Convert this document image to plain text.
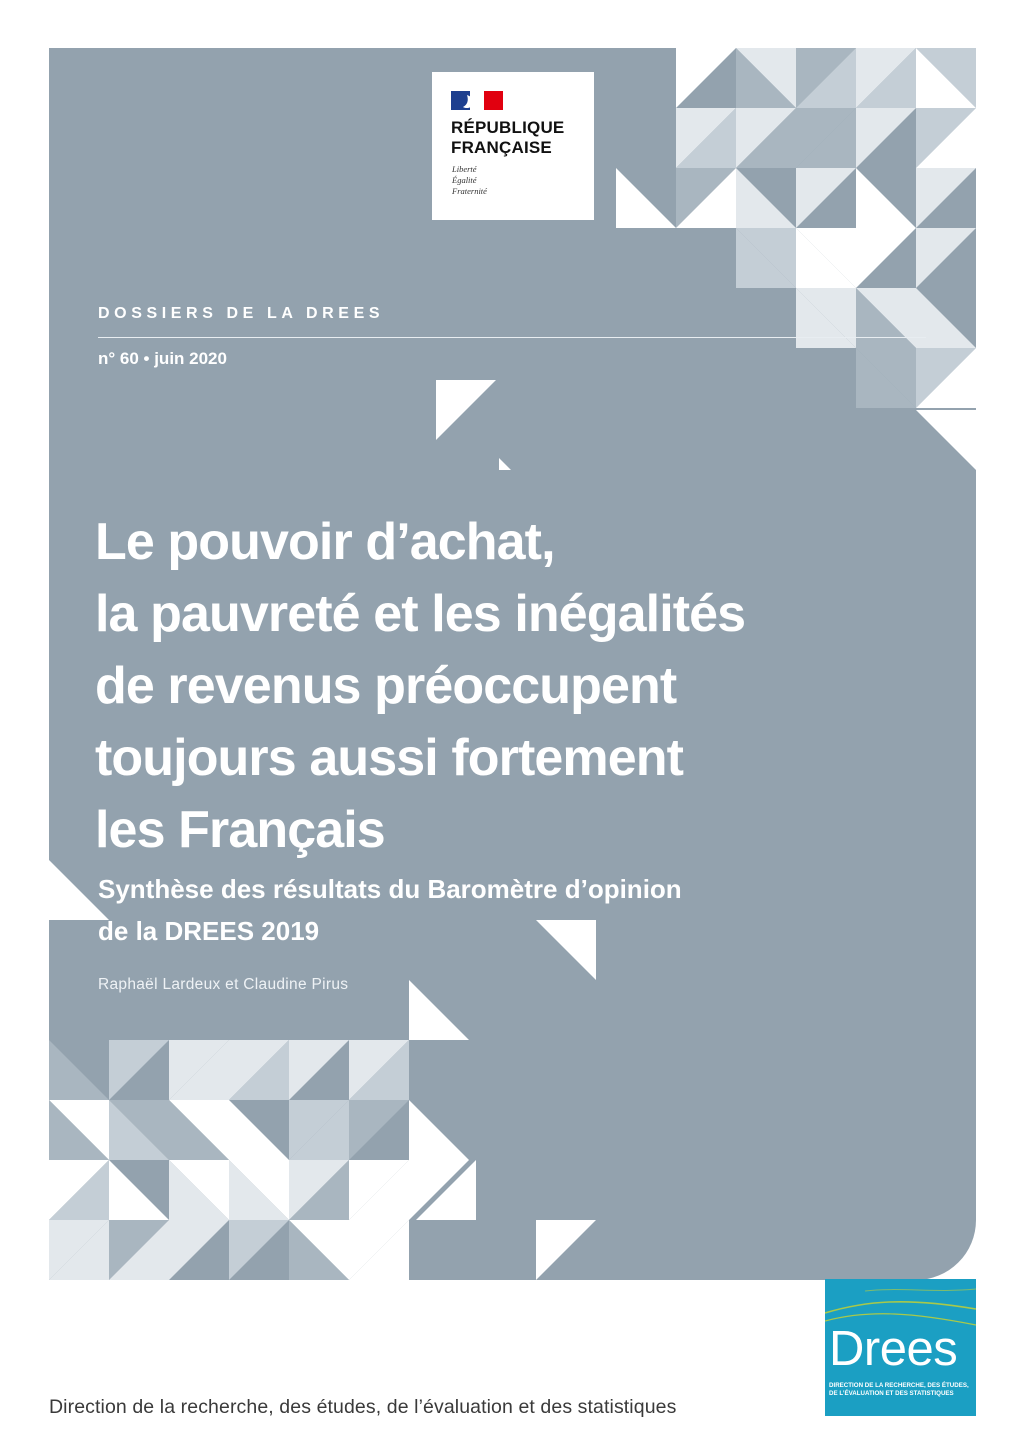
RÉPUBLIQUE
FRANÇAISE
Liberté
Égalité
Fraternité
DOSSIERS DE LA DREES
n° 60 • juin 2020
Le pouvoir d’achat,
la pauvreté et les inégalités
de revenus préoccupent
toujours aussi fortement
les Français
Synthèse des résultats du Baromètre d’opinion
de la DREES 2019
Raphaël Lardeux et Claudine Pirus
Drees
DIRECTION DE LA RECHERCHE, DES ÉTUDES,
DE L’ÉVALUATION ET DES STATISTIQUES
Direction de la recherche, des études, de l’évaluation et des statistiques
